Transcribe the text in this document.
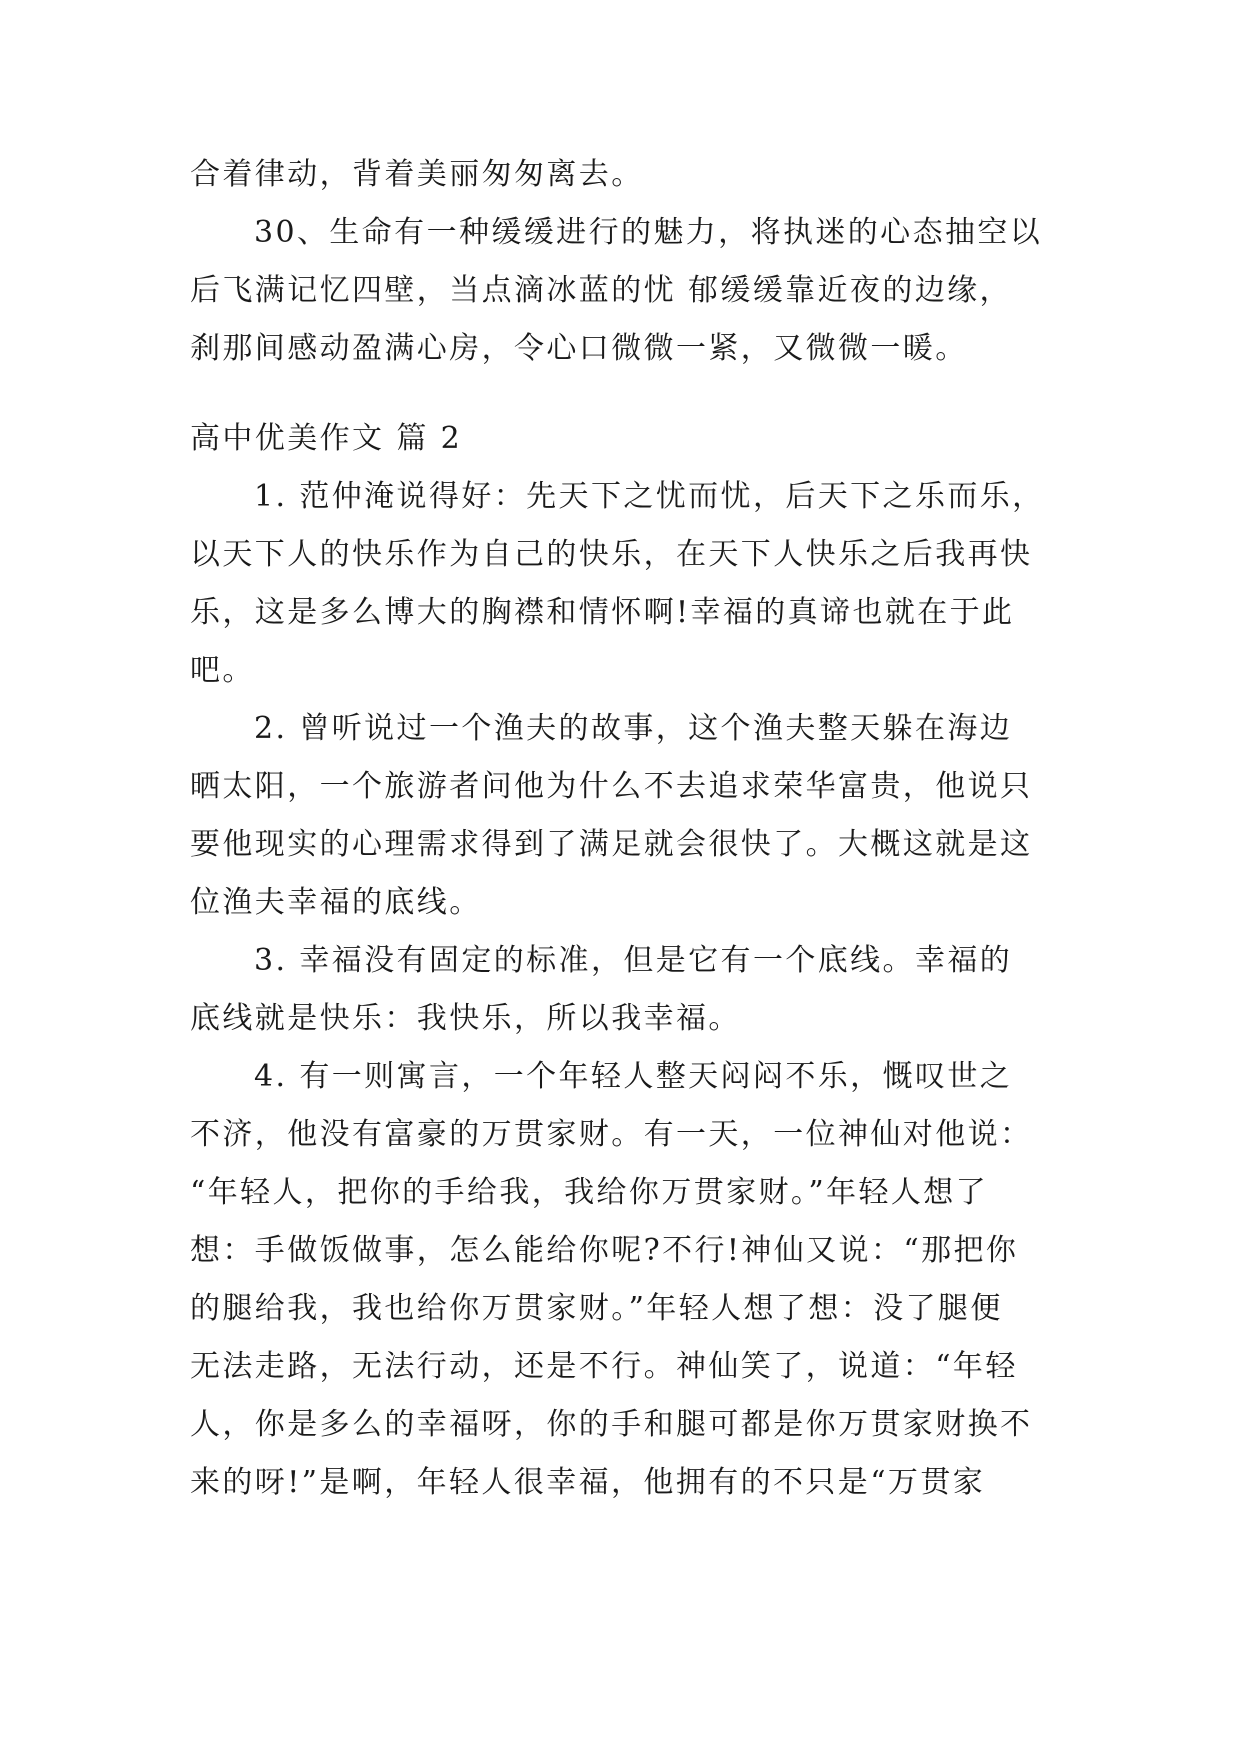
合着律动，背着美丽匆匆离去。
30、生命有一种缓缓进行的魅力，将执迷的心态抽空以
后飞满记忆四壁，当点滴冰蓝的忧 郁缓缓靠近夜的边缘，
刹那间感动盈满心房，令心口微微一紧，又微微一暖。
高中优美作文 篇 2
1. 范仲淹说得好：先天下之忧而忧，后天下之乐而乐，
以天下人的快乐作为自己的快乐，在天下人快乐之后我再快
乐，这是多么博大的胸襟和情怀啊!幸福的真谛也就在于此
吧。
2. 曾听说过一个渔夫的故事，这个渔夫整天躲在海边
晒太阳，一个旅游者问他为什么不去追求荣华富贵，他说只
要他现实的心理需求得到了满足就会很快了。大概这就是这
位渔夫幸福的底线。
3. 幸福没有固定的标准，但是它有一个底线。幸福的
底线就是快乐：我快乐，所以我幸福。
4. 有一则寓言，一个年轻人整天闷闷不乐，慨叹世之
不济，他没有富豪的万贯家财。有一天，一位神仙对他说：
“年轻人，把你的手给我，我给你万贯家财。”年轻人想了
想：手做饭做事，怎么能给你呢?不行!神仙又说：“那把你
的腿给我，我也给你万贯家财。”年轻人想了想：没了腿便
无法走路，无法行动，还是不行。神仙笑了，说道：“年轻
人，你是多么的幸福呀，你的手和腿可都是你万贯家财换不
来的呀!”是啊，年轻人很幸福，他拥有的不只是“万贯家
